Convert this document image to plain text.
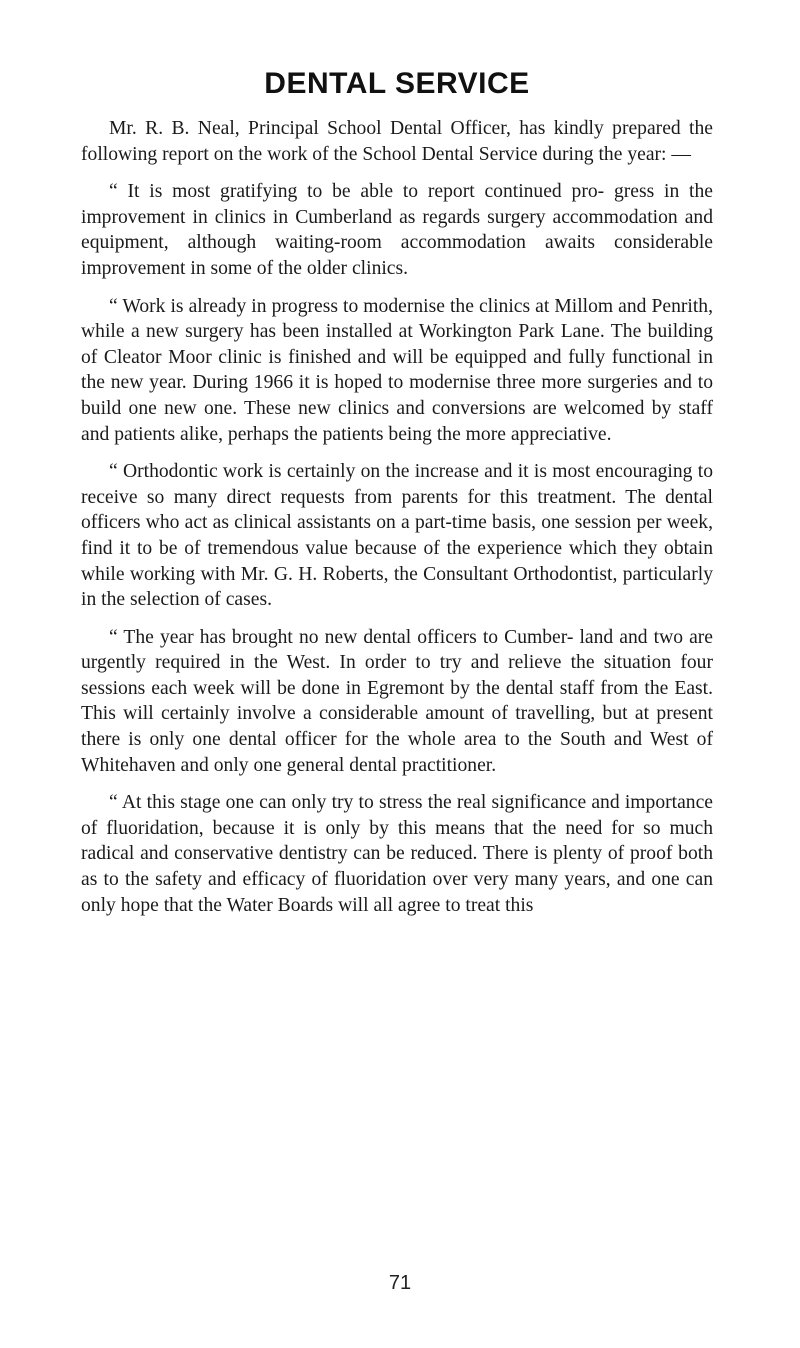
DENTAL SERVICE

Mr. R. B. Neal, Principal School Dental Officer, has kindly prepared the following report on the work of the School Dental Service during the year: —

“ It is most gratifying to be able to report continued pro- gress in the improvement in clinics in Cumberland as regards surgery accommodation and equipment, although waiting-room accommodation awaits considerable improvement in some of the older clinics.

“ Work is already in progress to modernise the clinics at Millom and Penrith, while a new surgery has been installed at Workington Park Lane. The building of Cleator Moor clinic is finished and will be equipped and fully functional in the new year. During 1966 it is hoped to modernise three more surgeries and to build one new one. These new clinics and conversions are welcomed by staff and patients alike, perhaps the patients being the more appreciative.

“ Orthodontic work is certainly on the increase and it is most encouraging to receive so many direct requests from parents for this treatment. The dental officers who act as clinical assistants on a part-time basis, one session per week, find it to be of tremendous value because of the experience which they obtain while working with Mr. G. H. Roberts, the Consultant Orthodontist, particularly in the selection of cases.

“ The year has brought no new dental officers to Cumber- land and two are urgently required in the West. In order to try and relieve the situation four sessions each week will be done in Egremont by the dental staff from the East. This will certainly involve a considerable amount of travelling, but at present there is only one dental officer for the whole area to the South and West of Whitehaven and only one general dental practitioner.

“ At this stage one can only try to stress the real significance and importance of fluoridation, because it is only by this means that the need for so much radical and conservative dentistry can be reduced. There is plenty of proof both as to the safety and efficacy of fluoridation over very many years, and one can only hope that the Water Boards will all agree to treat this

71
